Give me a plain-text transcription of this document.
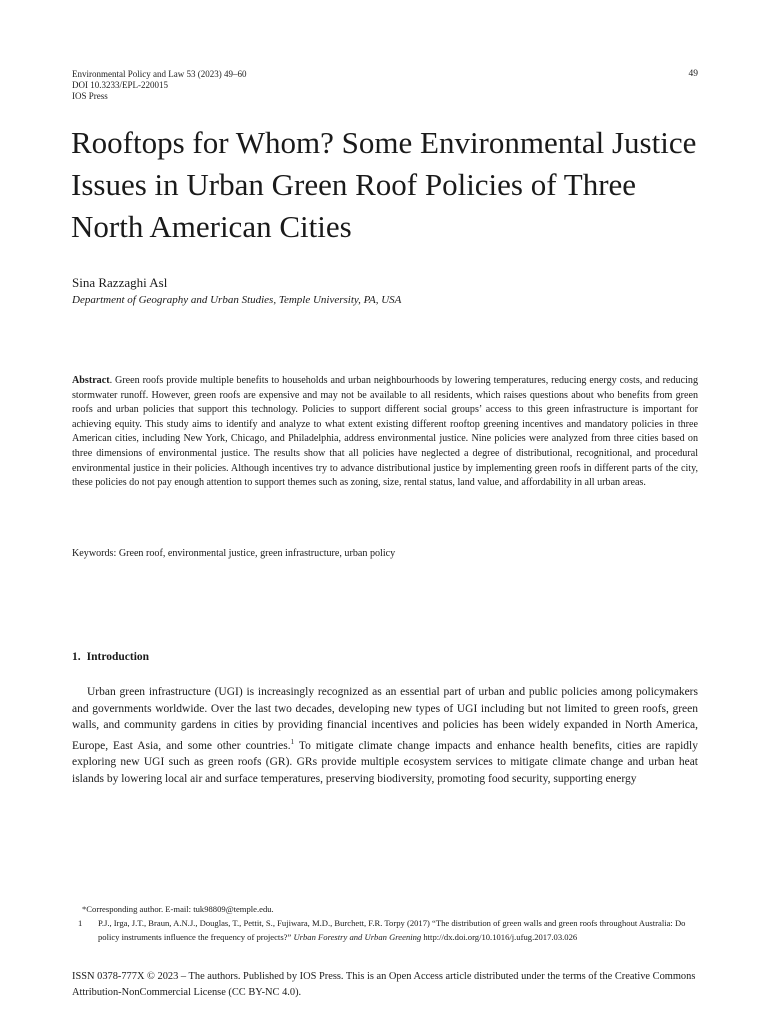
Environmental Policy and Law 53 (2023) 49–60
DOI 10.3233/EPL-220015
IOS Press
49
Rooftops for Whom? Some Environmental Justice Issues in Urban Green Roof Policies of Three North American Cities
Sina Razzaghi Asl
Department of Geography and Urban Studies, Temple University, PA, USA

Abstract. Green roofs provide multiple benefits to households and urban neighbourhoods by lowering temperatures, reducing energy costs, and reducing stormwater runoff. However, green roofs are expensive and may not be available to all residents, which raises questions about who benefits from green roofs and urban policies that support this technology. Policies to support different social groups’ access to this green infrastructure is important for achieving equity. This study aims to identify and analyze to what extent existing different rooftop greening incentives and mandatory policies in three American cities, including New York, Chicago, and Philadelphia, address environmental justice. Nine policies were analyzed from three cities based on three dimensions of environmental justice. The results show that all policies have neglected a degree of distributional, recognitional, and procedural environmental justice in their policies. Although incentives try to advance distributional justice by implementing green roofs in different parts of the city, these policies do not pay enough attention to support themes such as zoning, size, rental status, land value, and affordability in all urban areas.

Keywords: Green roof, environmental justice, green infrastructure, urban policy
1. Introduction

Urban green infrastructure (UGI) is increasingly recognized as an essential part of urban and public policies among policymakers and governments worldwide. Over the last two decades, developing new types of UGI including but not limited to green roofs, green walls, and community gardens in cities by providing financial incentives and policies has been widely expanded in North America, Europe, East Asia, and some other countries.$^1$ To mitigate climate change impacts and enhance health benefits, cities are rapidly exploring new UGI such as green roofs (GR). GRs provide multiple ecosystem services to mitigate climate change and urban heat islands by lowering local air and surface temperatures, preserving biodiversity, promoting food security, supporting energy

*Corresponding author. E-mail: tuk98809@temple.edu.
1	P.J., Irga, J.T., Braun, A.N.J., Douglas, T., Pettit, S., Fujiwara, M.D., Burchett, F.R. Torpy (2017) “The distribution of green walls and green roofs throughout Australia: Do policy instruments influence the frequency of projects?” Urban Forestry and Urban Greening http://dx.doi.org/10.1016/j.ufug.2017.03.026
ISSN 0378-777X © 2023 – The authors. Published by IOS Press. This is an Open Access article distributed under the terms of the Creative Commons Attribution-NonCommercial License (CC BY-NC 4.0).
